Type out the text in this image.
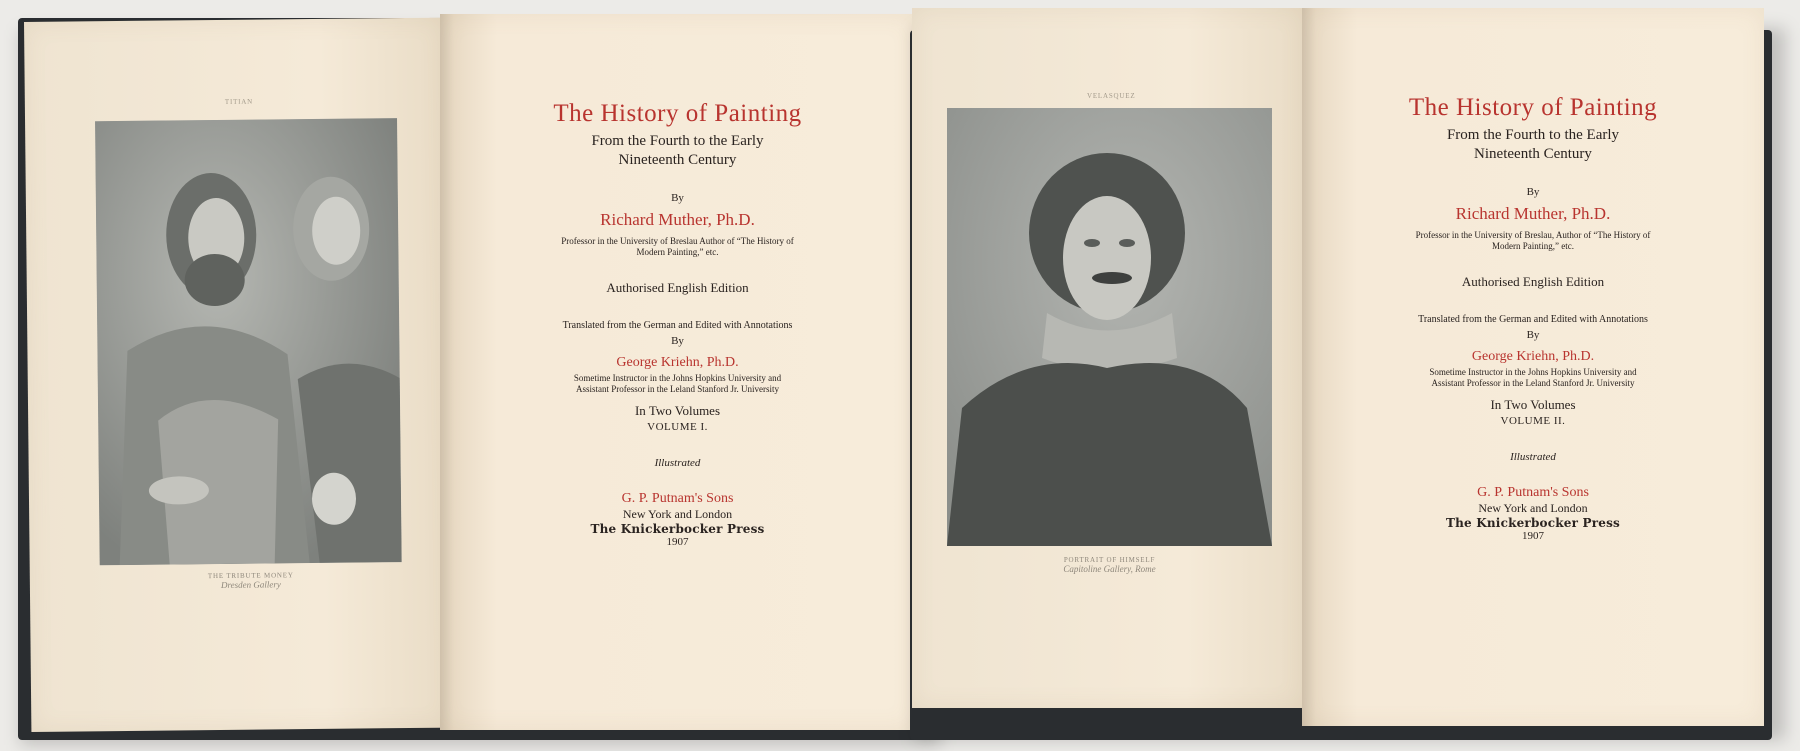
TITIAN
THE TRIBUTE MONEY
Dresden Gallery
The History of Painting
From the Fourth to the Early
Nineteenth Century
By
Richard Muther, Ph.D.
Professor in the University of Breslau Author of “The History of
Modern Painting,” etc.
Authorised English Edition
Translated from the German and Edited with Annotations
By
George Kriehn, Ph.D.
Sometime Instructor in the Johns Hopkins University and
Assistant Professor in the Leland Stanford Jr. University
In Two Volumes
VOLUME I.
Illustrated
G. P. Putnam's Sons
New York and London
The Knickerbocker Press
1907
VELASQUEZ
PORTRAIT OF HIMSELF
Capitoline Gallery, Rome
The History of Painting
From the Fourth to the Early
Nineteenth Century
By
Richard Muther, Ph.D.
Professor in the University of Breslau, Author of “The History of
Modern Painting,” etc.
Authorised English Edition
Translated from the German and Edited with Annotations
By
George Kriehn, Ph.D.
Sometime Instructor in the Johns Hopkins University and
Assistant Professor in the Leland Stanford Jr. University
In Two Volumes
VOLUME II.
Illustrated
G. P. Putnam's Sons
New York and London
The Knickerbocker Press
1907
